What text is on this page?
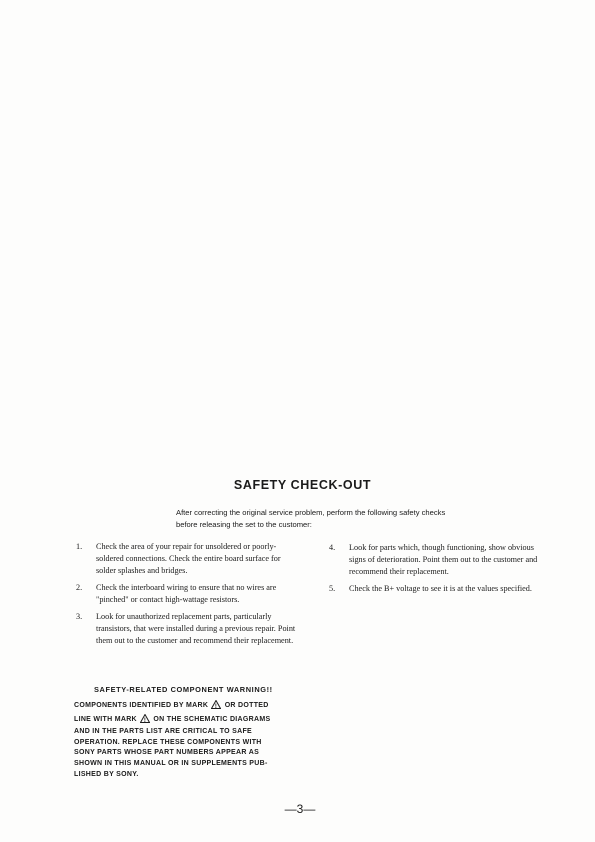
SAFETY CHECK-OUT
After correcting the original service problem, perform the following safety checks before releasing the set to the customer:
1. Check the area of your repair for unsoldered or poorly-soldered connections. Check the entire board surface for solder splashes and bridges.
2. Check the interboard wiring to ensure that no wires are "pinched" or contact high-wattage resistors.
3. Look for unauthorized replacement parts, particularly transistors, that were installed during a previous repair. Point them out to the customer and recommend their replacement.
4. Look for parts which, though functioning, show obvious signs of deterioration. Point them out to the customer and recommend their replacement.
5. Check the B+ voltage to see it is at the values specified.
SAFETY-RELATED COMPONENT WARNING!!
COMPONENTS IDENTIFIED BY MARK ! OR DOTTED
LINE WITH MARK ! ON THE SCHEMATIC DIAGRAMS
AND IN THE PARTS LIST ARE CRITICAL TO SAFE
OPERATION. REPLACE THESE COMPONENTS WITH
SONY PARTS WHOSE PART NUMBERS APPEAR AS
SHOWN IN THIS MANUAL OR IN SUPPLEMENTS PUB-
LISHED BY SONY.
—3—
